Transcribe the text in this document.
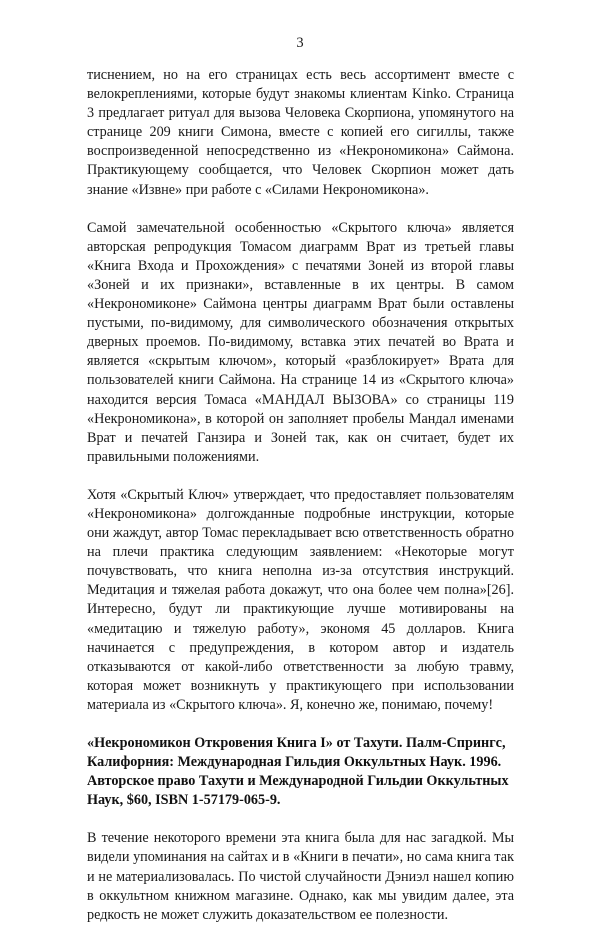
3

тиснением, но на его страницах есть весь ассортимент вместе с велокреплениями, которые будут знакомы клиентам Kinko. Страница 3 предлагает ритуал для вызова Человека Скорпиона, упомянутого на странице 209 книги Симона, вместе с копией его сигиллы, также воспроизведенной непосредственно из «Некрономикона» Саймона. Практикующему сообщается, что Человек Скорпион может дать знание «Извне» при работе с «Силами Некрономикона».

Самой замечательной особенностью «Скрытого ключа» является авторская репродукция Томасом диаграмм Врат из третьей главы «Книга Входа и Прохождения» с печатями Зоней из второй главы «Зоней и их признаки», вставленные в их центры. В самом «Некрономиконе» Саймона центры диаграмм Врат были оставлены пустыми, по-видимому, для символического обозначения открытых дверных проемов. По-видимому, вставка этих печатей во Врата и является «скрытым ключом», который «разблокирует» Врата для пользователей книги Саймона. На странице 14 из «Скрытого ключа» находится версия Томаса «МАНДАЛ ВЫЗОВА» со страницы 119 «Некрономикона», в которой он заполняет пробелы Мандал именами Врат и печатей Ганзира и Зоней так, как он считает, будет их правильными положениями.

Хотя «Скрытый Ключ» утверждает, что предоставляет пользователям «Некрономикона» долгожданные подробные инструкции, которые они жаждут, автор Томас перекладывает всю ответственность обратно на плечи практика следующим заявлением: «Некоторые могут почувствовать, что книга неполна из-за отсутствия инструкций. Медитация и тяжелая работа докажут, что она более чем полна»[26]. Интересно, будут ли практикующие лучше мотивированы на «медитацию и тяжелую работу», экономя 45 долларов. Книга начинается с предупреждения, в котором автор и издатель отказываются от какой-либо ответственности за любую травму, которая может возникнуть у практикующего при использовании материала из «Скрытого ключа». Я, конечно же, понимаю, почему!

«Некрономикон Откровения Книга I» от Тахути. Палм-Спрингс, Калифорния: Международная Гильдия Оккультных Наук. 1996. Авторское право Тахути и Международной Гильдии Оккультных Наук, $60, ISBN 1-57179-065-9.

В течение некоторого времени эта книга была для нас загадкой. Мы видели упоминания на сайтах и в «Книги в печати», но сама книга так и не материализовалась. По чистой случайности Дэниэл нашел копию в оккультном книжном магазине. Однако, как мы увидим далее, эта редкость не может служить доказательством ее полезности.
